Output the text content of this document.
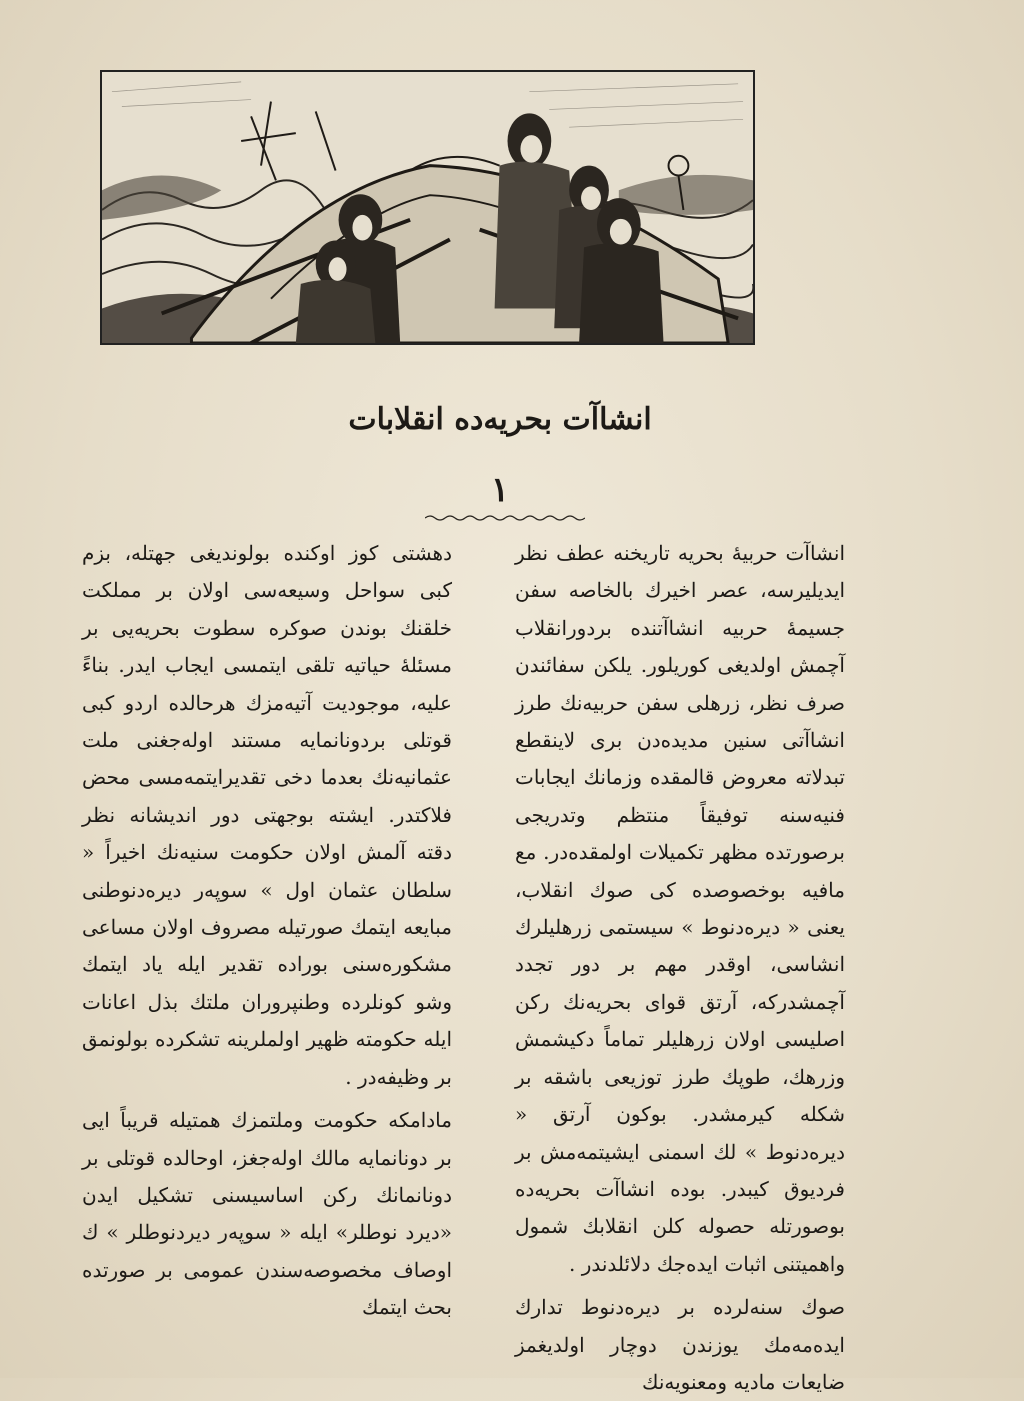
انشاآت بحریه‌ده انقلابات
١

انشاآت حربیهٔ بحریه تاریخنه عطف نظر ایدیلیرسه، عصر اخیرك بالخاصه سفن جسیمهٔ حربیه انشاآتنده بردورانقلاب آچمش اولدیغی كوریلور. یلكن سفائندن صرف نظر، زرهلی سفن حربیه‌نك طرز انشاآتی سنین مدیده‌دن بری لاینقطع تبدلاته معروض قالمقده وزمانك ایجابات فنیه‌سنه توفیقاً منتظم وتدریجی برصورتده مظهر تكمیلات اولمقده‌در. مع مافیه بوخصوصده كی صوك انقلاب، یعنی « دیره‌دنوط » سیستمی زرهلیلرك انشاسی، اوقدر مهم بر دور تجدد آچمشدركه، آرتق قوای بحریه‌نك ركن اصلیسی اولان زرهلیلر تماماً دكیشمش وزرهك، طوپك طرز توزیعی باشقه بر شكله كیرمشدر. بوكون آرتق « دیره‌دنوط » لك اسمنی ایشیتمه‌مش بر فردیوق كیبدر. بوده انشاآت بحریه‌ده بوصورتله حصوله كلن انقلابك شمول واهمیتنی اثبات ایده‌جك دلائلدندر .

صوك سنه‌لرده بر دیره‌دنوط تدارك ایده‌مه‌مك یوزندن دوچار اولدیغمز ضایعات مادیه ومعنویه‌نك

دهشتی كوز اوكنده بولوندیغی جهتله، بزم كبی سواحل وسیعه‌سی اولان بر مملكت خلقنك بوندن صوكره سطوت بحریه‌یی بر مسئلهٔ حیاتیه تلقی ایتمسی ایجاب ایدر. بناءً علیه، موجودیت آتیه‌مزك هرحالده اردو كبی قوتلی بردونانمایه مستند اوله‌جغنی ملت عثمانیه‌نك بعدما دخی تقدیرایتمه‌مسی محض فلاكتدر. ایشته بوجهتی دور اندیشانه نظر دقته آلمش اولان حكومت سنیه‌نك اخیراً « سلطان عثمان اول » سوپه‌ر دیره‌دنوطنی مبایعه ایتمك صورتیله مصروف اولان مساعی مشكوره‌سنی بوراده تقدیر ایله یاد ایتمك وشو كونلرده وطنپروران ملتك بذل اعانات ایله حكومته ظهیر اولملرینه تشكرده بولونمق بر وظیفه‌در .

مادامكه حكومت وملتمزك همتیله قریباً ایی بر دونانمایه مالك اوله‌جغز، اوحالده قوتلی بر دونانمانك ركن اساسیسنی تشكیل ایدن «دیرد نوطلر» ایله « سوپه‌ر دیردنوطلر » ك اوصاف مخصوصه‌سندن عمومی بر صورتده بحث ایتمك
